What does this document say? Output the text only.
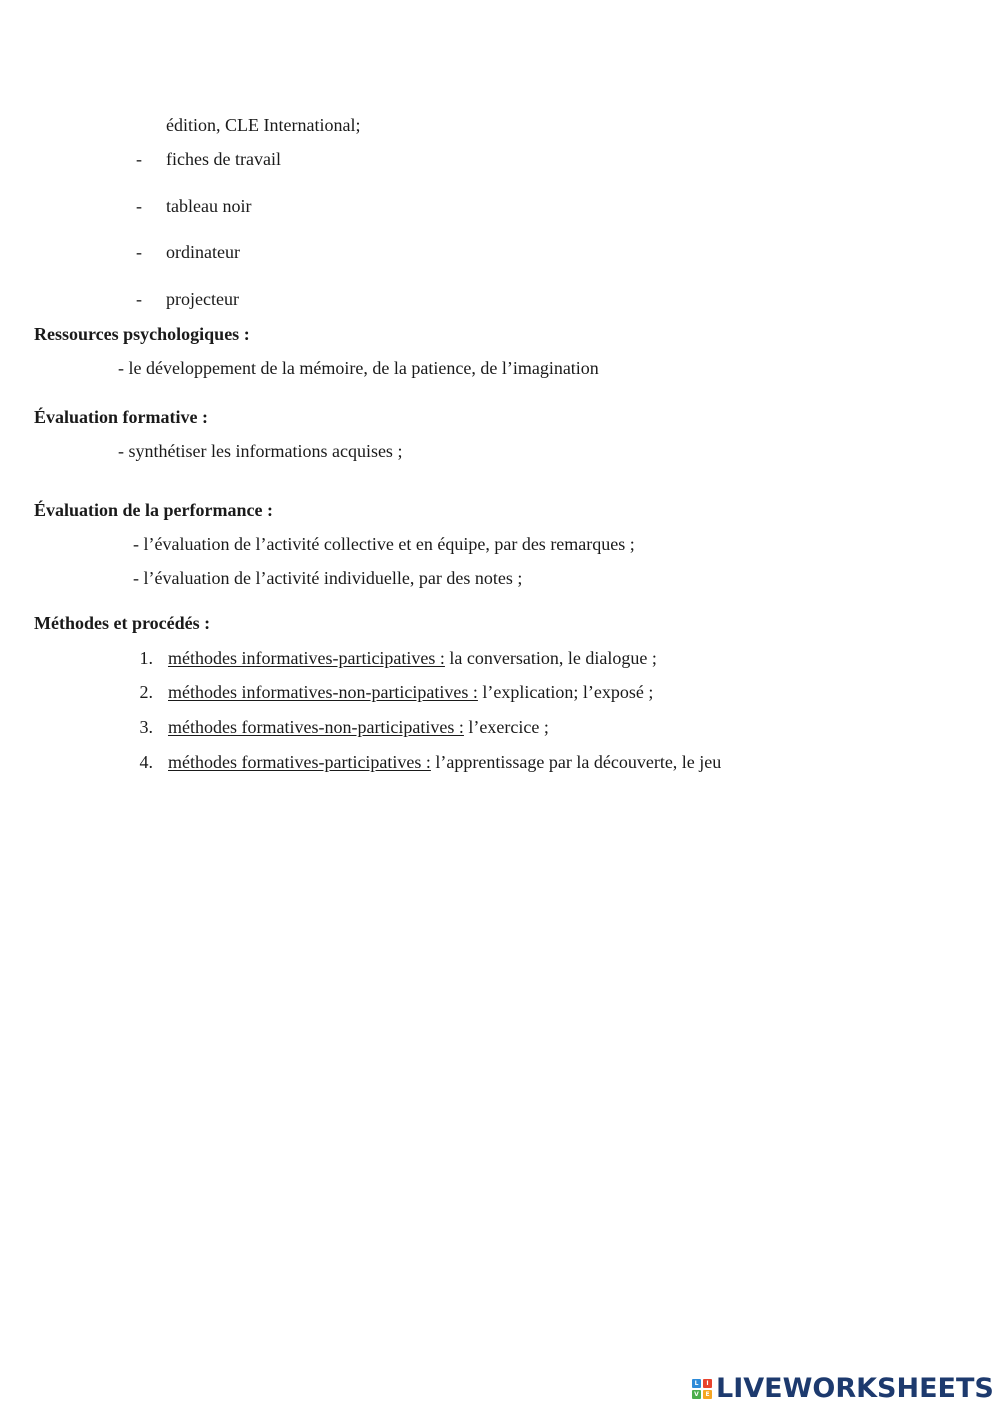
édition, CLE International;
- fiches de travail
- tableau noir
- ordinateur
- projecteur
Ressources psychologiques :
- le développement de la mémoire, de la patience, de l’imagination
Évaluation formative :
- synthétiser les informations acquises ;
Évaluation de la performance :
- l’évaluation de l’activité collective et en équipe, par des remarques ;
- l’évaluation de l’activité individuelle, par des notes ;
Méthodes et procédés :
1. méthodes informatives-participatives : la conversation, le dialogue ;
2. méthodes informatives-non-participatives : l’explication; l’exposé ;
3. méthodes formatives-non-participatives : l’exercice ;
4. méthodes formatives-participatives : l’apprentissage par la découverte, le jeu
L	I
V	E LIVEWORKSHEETS
